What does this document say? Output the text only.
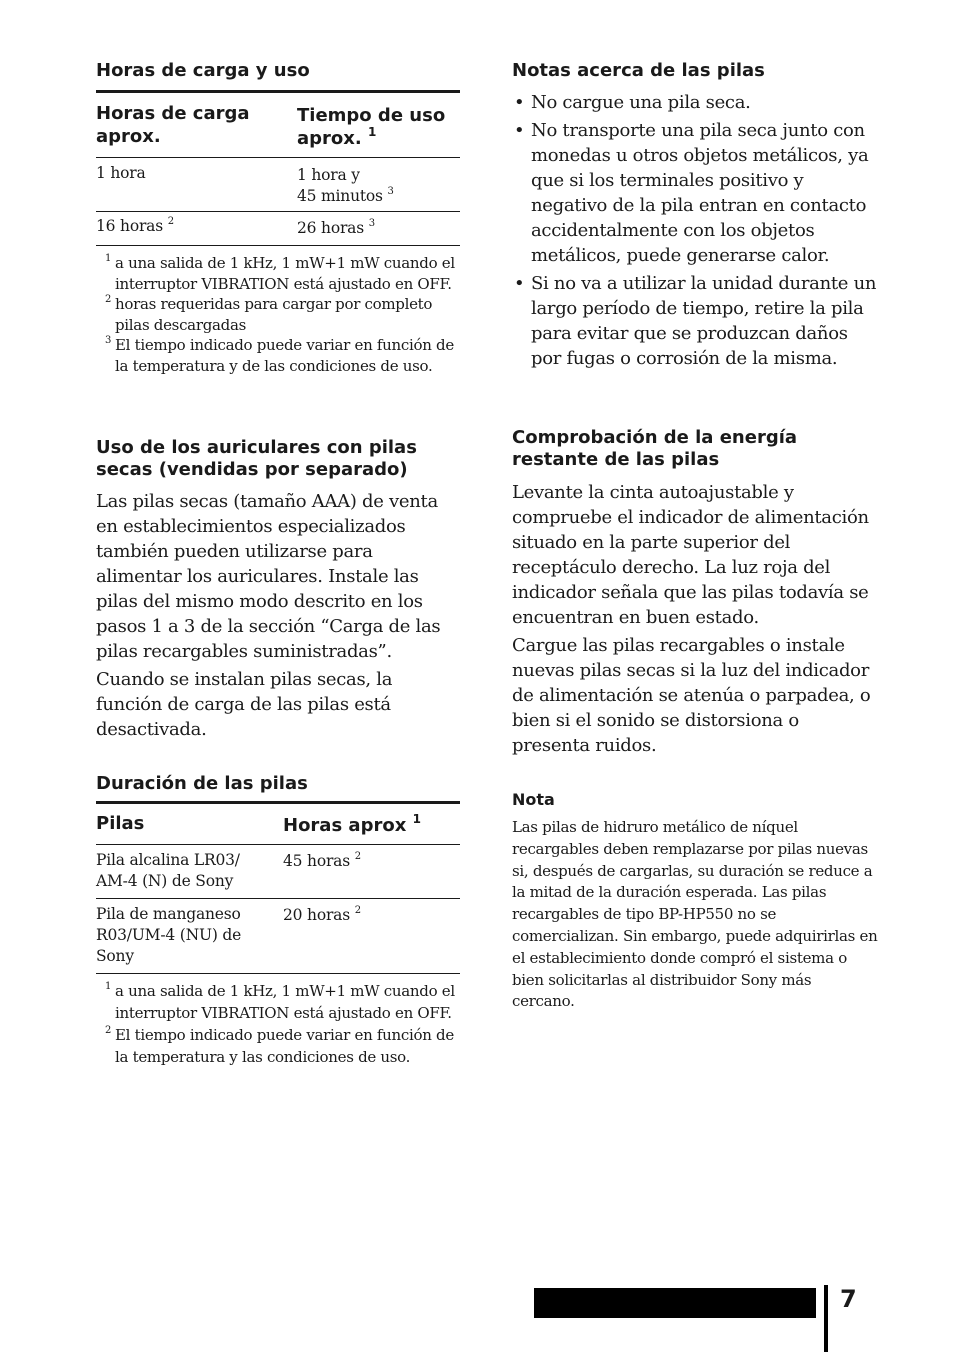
Horas de carga y uso
Horas de carga aprox.	Tiempo de uso aprox. $^1$
1 hora	1 hora y
45 minutos $^3$

16 horas $^2$	26 horas $^3$
1 a una salida de 1 kHz, 1 mW+1 mW cuando el interruptor VIBRATION está ajustado en OFF.
2 horas requeridas para cargar por completo pilas descargadas
3 El tiempo indicado puede variar en función de la temperatura y de las condiciones de uso.
Uso de los auriculares con pilas secas (vendidas por separado)

Las pilas secas (tamaño AAA) de venta en establecimientos especializados también pueden utilizarse para alimentar los auriculares. Instale las pilas del mismo modo descrito en los pasos 1 a 3 de la sección “Carga de las pilas recargables suministradas”.

Cuando se instalan pilas secas, la función de carga de las pilas está desactivada.

Duración de las pilas
Pilas	Horas aprox $^1$
Pila alcalina LR03/ AM-4 (N) de Sony	45 horas $^2$
Pila de manganeso R03/UM-4 (NU) de Sony	20 horas $^2$
1 a una salida de 1 kHz, 1 mW+1 mW cuando el interruptor VIBRATION está ajustado en OFF.
2 El tiempo indicado puede variar en función de la temperatura y las condiciones de uso.
Notas acerca de las pilas
• No cargue una pila seca.
• No transporte una pila seca junto con monedas u otros objetos metálicos, ya que si los terminales positivo y negativo de la pila entran en contacto accidentalmente con los objetos metálicos, puede generarse calor.
• Si no va a utilizar la unidad durante un largo período de tiempo, retire la pila para evitar que se produzcan daños por fugas o corrosión de la misma.
Comprobación de la energía restante de las pilas

Levante la cinta autoajustable y compruebe el indicador de alimentación situado en la parte superior del receptáculo derecho. La luz roja del indicador señala que las pilas todavía se encuentran en buen estado.

Cargue las pilas recargables o instale nuevas pilas secas si la luz del indicador de alimentación se atenúa o parpadea, o bien si el sonido se distorsiona o presenta ruidos.

Nota

Las pilas de hidruro metálico de níquel recargables deben remplazarse por pilas nuevas si, después de cargarlas, su duración se reduce a la mitad de la duración esperada. Las pilas recargables de tipo BP-HP550 no se comercializan. Sin embargo, puede adquirirlas en el establecimiento donde compró el sistema o bien solicitarlas al distribuidor Sony más cercano.

7
